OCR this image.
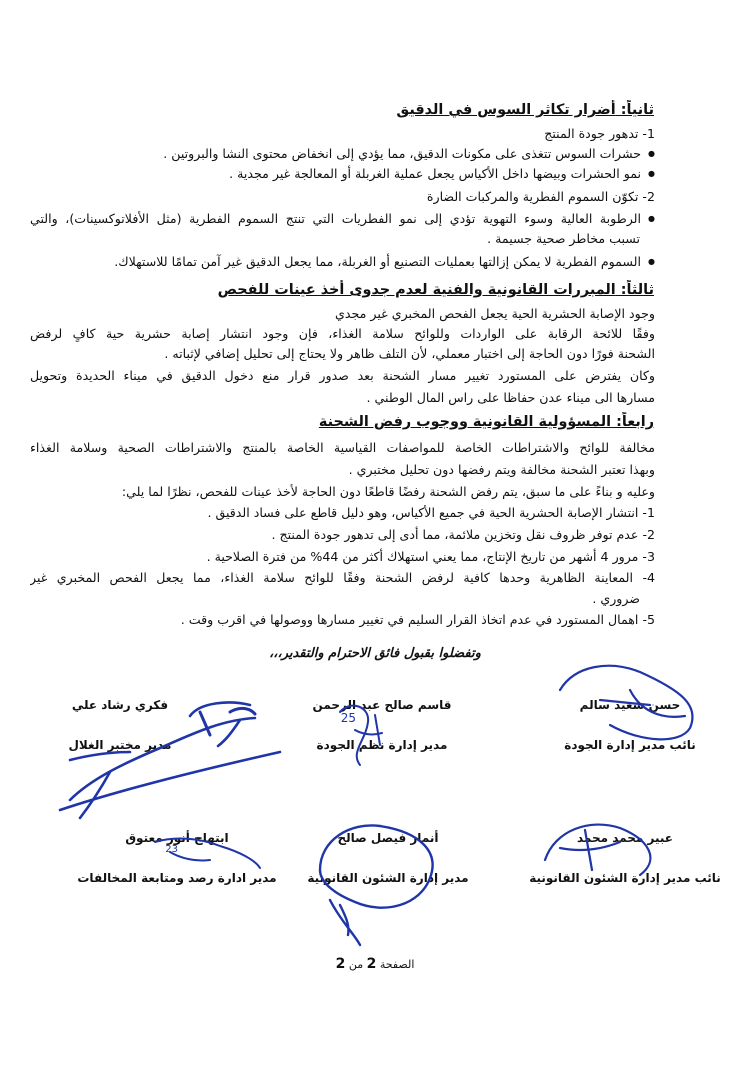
ثانياً: أضرار تكاثر السوس في الدقيق
1- تدهور جودة المنتج
● حشرات السوس تتغذى على مكونات الدقيق، مما يؤدي إلى انخفاض محتوى النشا والبروتين .
● نمو الحشرات وبيضها داخل الأكياس يجعل عملية الغربلة أو المعالجة غير مجدية .
2- تكوّن السموم الفطرية والمركبات الضارة
● الرطوبة العالية وسوء التهوية تؤدي إلى نمو الفطريات التي تنتج السموم الفطرية (مثل الأفلاتوكسينات)، والتي
تسبب مخاطر صحية جسيمة .
● السموم الفطرية لا يمكن إزالتها بعمليات التصنيع أو الغربلة، مما يجعل الدقيق غير آمن تمامًا للاستهلاك.
ثالثاً: المبررات القانونية والفنية لعدم جدوى أخذ عينات للفحص
وجود الإصابة الحشرية الحية يجعل الفحص المخبري غير مجدي
وفقًا للائحة الرقابة على الواردات وللوائح سلامة الغذاء، فإن وجود انتشار إصابة حشرية حية كافٍ لرفض
الشحنة فورًا دون الحاجة إلى اختبار معملي، لأن التلف ظاهر ولا يحتاج إلى تحليل إضافي لإثباته .
وكان يفترض على المستورد تغيير مسار الشحنة بعد صدور قرار منع دخول الدقيق في ميناء الحديدة وتحويل
مسارها الى ميناء عدن حفاظا على راس المال الوطني .
رابعاً: المسؤولية القانونية ووجوب رفض الشحنة
مخالفة للوائح والاشتراطات الخاصة للمواصفات القياسية الخاصة بالمنتج والاشتراطات الصحية وسلامة الغذاء
وبهذا تعتبر الشحنة مخالفة ويتم رفضها دون تحليل مختبري .
وعليه و بناءً على ما سبق، يتم رفض الشحنة رفضًا قاطعًا دون الحاجة لأخذ عينات للفحص، نظرًا لما يلي:
1- انتشار الإصابة الحشرية الحية في جميع الأكياس، وهو دليل قاطع على فساد الدقيق .
2- عدم توفر ظروف نقل وتخزين ملائمة، مما أدى إلى تدهور جودة المنتج .
3- مرور 4 أشهر من تاريخ الإنتاج، مما يعني استهلاك أكثر من 44% من فترة الصلاحية .
4- المعاينة الظاهرية وحدها كافية لرفض الشحنة وفقًا للوائح سلامة الغذاء، مما يجعل الفحص المخبري غير
ضروري .
5- اهمال المستورد في عدم اتخاذ القرار السليم في تغيير مسارها ووصولها في اقرب وقت .
وتفضلوا بقبول فائق الاحترام والتقدير،،،
حسن سعيد سالم
نائب مدير إدارة الجودة
قاسم صالح عبد الرحمن
مدير إدارة نظم الجودة
فكري رشاد علي
مدير مختبر الغلال
عبير محمد محمد
نائب مدير إدارة الشئون القانونية
أنمار فيصل صالح
مدير إدارة الشئون القانونية
ابتهاج أنور معتوق
مدير ادارة رصد ومتابعة المخالفات
25
23
الصفحة 2 من 2
